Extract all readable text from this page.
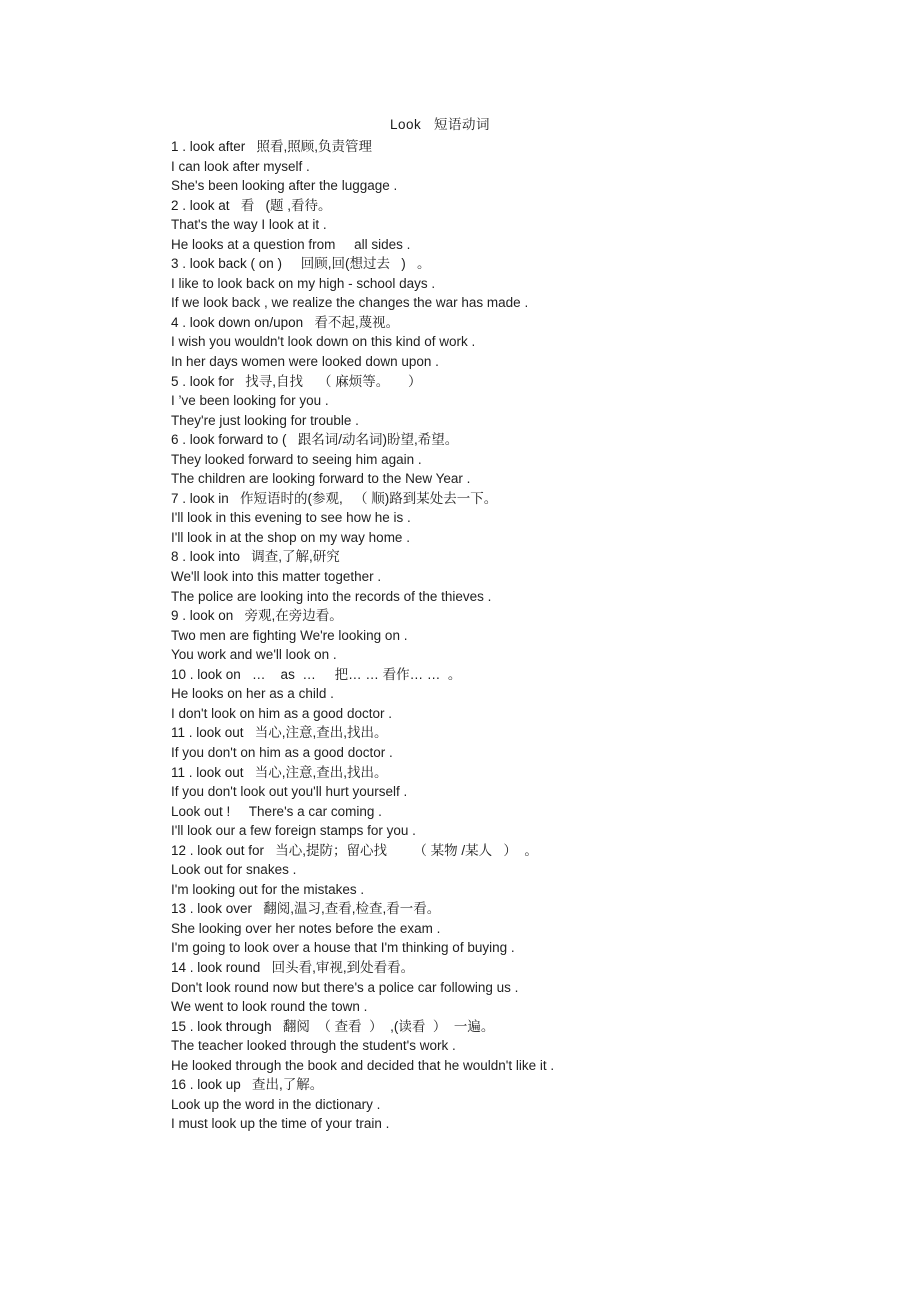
Look   短语动词
1 . look after   照看,照顾,负责管理
I can look after myself .
She's been looking after the luggage .
2 . look at   看   (题 ,看待。
That's the way I look at it .
He looks at a question from     all sides .
3 . look back ( on )     回顾,回(想过去   )   。
I like to look back on my high - school days .
If we look back , we realize the changes the war has made .
4 . look down on/upon   看不起,蔑视。
I wish you wouldn't look down on this kind of work .
In her days women were looked down upon .
5 . look for   找寻,自找    （ 麻烦等。     ）
I ’ve been looking for you .
They're just looking for trouble .
6 . look forward to (   跟名词/动名词)盼望,希望。
They looked forward to seeing him again .
The children are looking forward to the New Year .
7 . look in   作短语时的(参观,   （ 顺)路到某处去一下。
I'll look in this evening to see how he is .
I'll look in at the shop on my way home .
8 . look into   调查,了解,研究
We'll look into this matter together .
The police are looking into the records of the thieves .
9 . look on   旁观,在旁边看。
Two men are fighting We're looking on .
You work and we'll look on .
10 . look on   …    as  …     把… … 看作… …  。
He looks on her as a child .
I don't look on him as a good doctor .
11 . look out   当心,注意,查出,找出。
If you don't on him as a good doctor .
11 . look out   当心,注意,查出,找出。
If you don't look out you'll hurt yourself .
Look out !     There's a car coming .
I'll look our a few foreign stamps for you .
12 . look out for   当心,提防；留心找       （ 某物 /某人   ）  。
Look out for snakes .
I'm looking out for the mistakes .
13 . look over   翻阅,温习,查看,检查,看一看。
She looking over her notes before the exam .
I'm going to look over a house that I'm thinking of buying .
14 . look round   回头看,审视,到处看看。
Don't look round now but there's a police car following us .
We went to look round the town .
15 . look through   翻阅  （ 查看  ）  ,(读看  ）  一遍。
The teacher looked through the student's work .
He looked through the book and decided that he wouldn't like it .
16 . look up   查出,了解。
Look up the word in the dictionary .
I must look up the time of your train .
